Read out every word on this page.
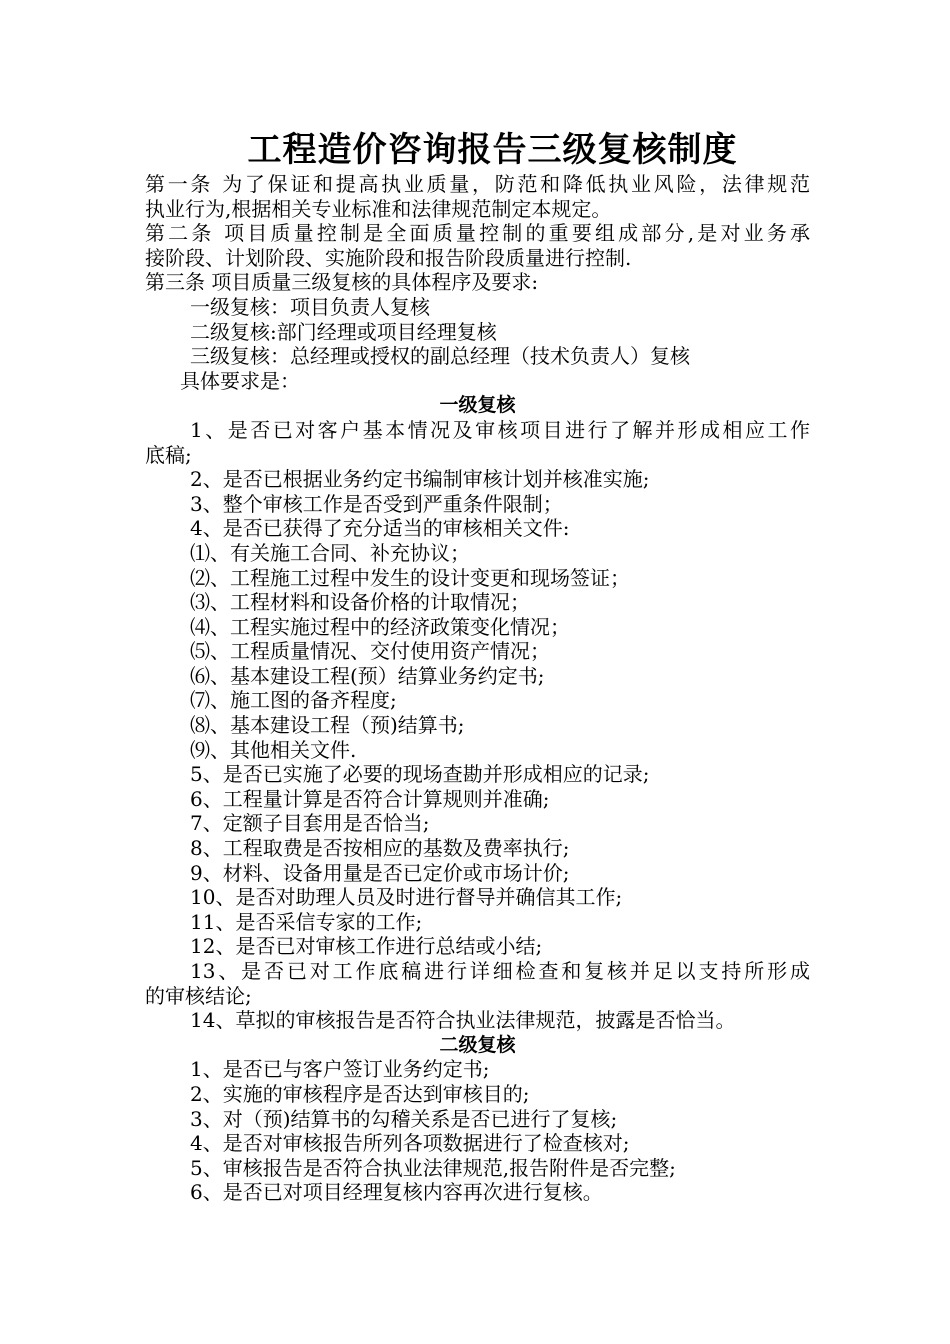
工程造价咨询报告三级复核制度
第一条 为了保证和提高执业质量，防范和降低执业风险，法律规范
执业行为,根据相关专业标准和法律规范制定本规定。
第二条 项目质量控制是全面质量控制的重要组成部分,是对业务承
接阶段、计划阶段、实施阶段和报告阶段质量进行控制.
第三条 项目质量三级复核的具体程序及要求:
一级复核：项目负责人复核
二级复核:部门经理或项目经理复核
三级复核：总经理或授权的副总经理（技术负责人）复核
具体要求是：
一级复核
1、是否已对客户基本情况及审核项目进行了解并形成相应工作
底稿;
2、是否已根据业务约定书编制审核计划并核准实施;
3、整个审核工作是否受到严重条件限制；
4、是否已获得了充分适当的审核相关文件:
⑴、有关施工合同、补充协议；
⑵、工程施工过程中发生的设计变更和现场签证；
⑶、工程材料和设备价格的计取情况；
⑷、工程实施过程中的经济政策变化情况；
⑸、工程质量情况、交付使用资产情况；
⑹、基本建设工程(预）结算业务约定书;
⑺、施工图的备齐程度;
⑻、基本建设工程（预)结算书;
⑼、其他相关文件.
5、是否已实施了必要的现场查勘并形成相应的记录;
6、工程量计算是否符合计算规则并准确;
7、定额子目套用是否恰当;
8、工程取费是否按相应的基数及费率执行;
9、材料、设备用量是否已定价或市场计价;
10、是否对助理人员及时进行督导并确信其工作;
11、是否采信专家的工作;
12、是否已对审核工作进行总结或小结;
13、是否已对工作底稿进行详细检查和复核并足以支持所形成
的审核结论;
14、草拟的审核报告是否符合执业法律规范，披露是否恰当。
二级复核
1、是否已与客户签订业务约定书;
2、实施的审核程序是否达到审核目的;
3、对（预)结算书的勾稽关系是否已进行了复核;
4、是否对审核报告所列各项数据进行了检查核对;
5、审核报告是否符合执业法律规范,报告附件是否完整;
6、是否已对项目经理复核内容再次进行复核。
